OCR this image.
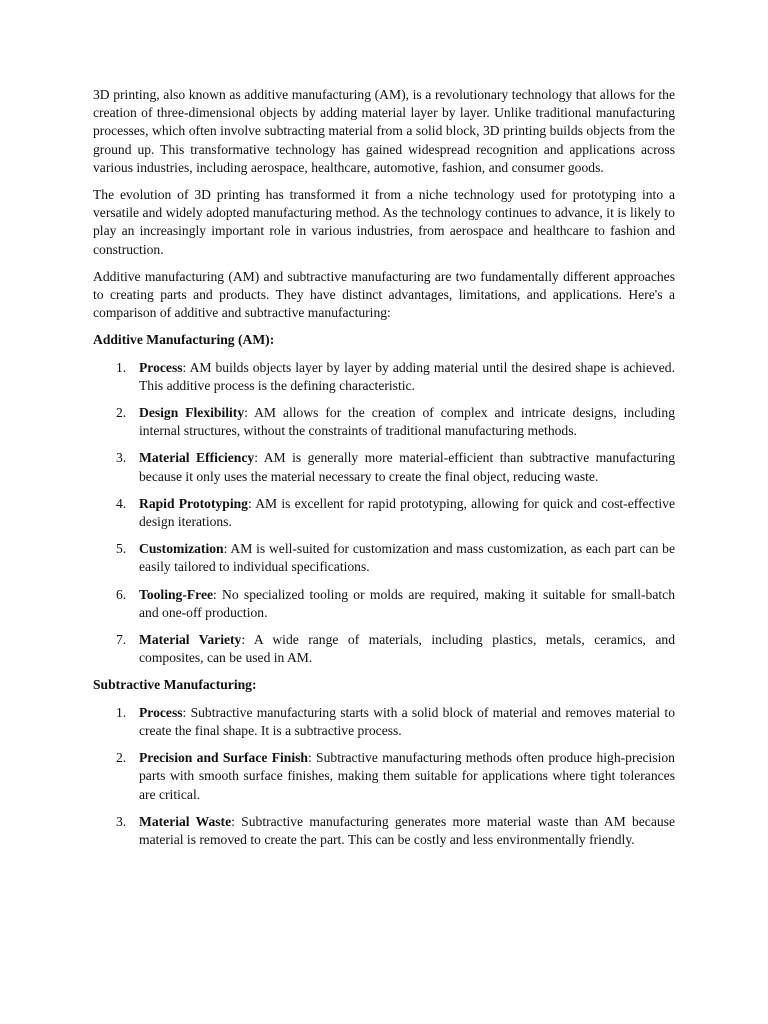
3D printing, also known as additive manufacturing (AM), is a revolutionary technology that allows for the creation of three-dimensional objects by adding material layer by layer. Unlike traditional manufacturing processes, which often involve subtracting material from a solid block, 3D printing builds objects from the ground up. This transformative technology has gained widespread recognition and applications across various industries, including aerospace, healthcare, automotive, fashion, and consumer goods.

The evolution of 3D printing has transformed it from a niche technology used for prototyping into a versatile and widely adopted manufacturing method. As the technology continues to advance, it is likely to play an increasingly important role in various industries, from aerospace and healthcare to fashion and construction.

Additive manufacturing (AM) and subtractive manufacturing are two fundamentally different approaches to creating parts and products. They have distinct advantages, limitations, and applications. Here's a comparison of additive and subtractive manufacturing:

Additive Manufacturing (AM):
1. Process: AM builds objects layer by layer by adding material until the desired shape is achieved. This additive process is the defining characteristic.
2. Design Flexibility: AM allows for the creation of complex and intricate designs, including internal structures, without the constraints of traditional manufacturing methods.
3. Material Efficiency: AM is generally more material-efficient than subtractive manufacturing because it only uses the material necessary to create the final object, reducing waste.
4. Rapid Prototyping: AM is excellent for rapid prototyping, allowing for quick and cost-effective design iterations.
5. Customization: AM is well-suited for customization and mass customization, as each part can be easily tailored to individual specifications.
6. Tooling-Free: No specialized tooling or molds are required, making it suitable for small-batch and one-off production.
7. Material Variety: A wide range of materials, including plastics, metals, ceramics, and composites, can be used in AM.
Subtractive Manufacturing:
1. Process: Subtractive manufacturing starts with a solid block of material and removes material to create the final shape. It is a subtractive process.
2. Precision and Surface Finish: Subtractive manufacturing methods often produce high-precision parts with smooth surface finishes, making them suitable for applications where tight tolerances are critical.
3. Material Waste: Subtractive manufacturing generates more material waste than AM because material is removed to create the part. This can be costly and less environmentally friendly.
